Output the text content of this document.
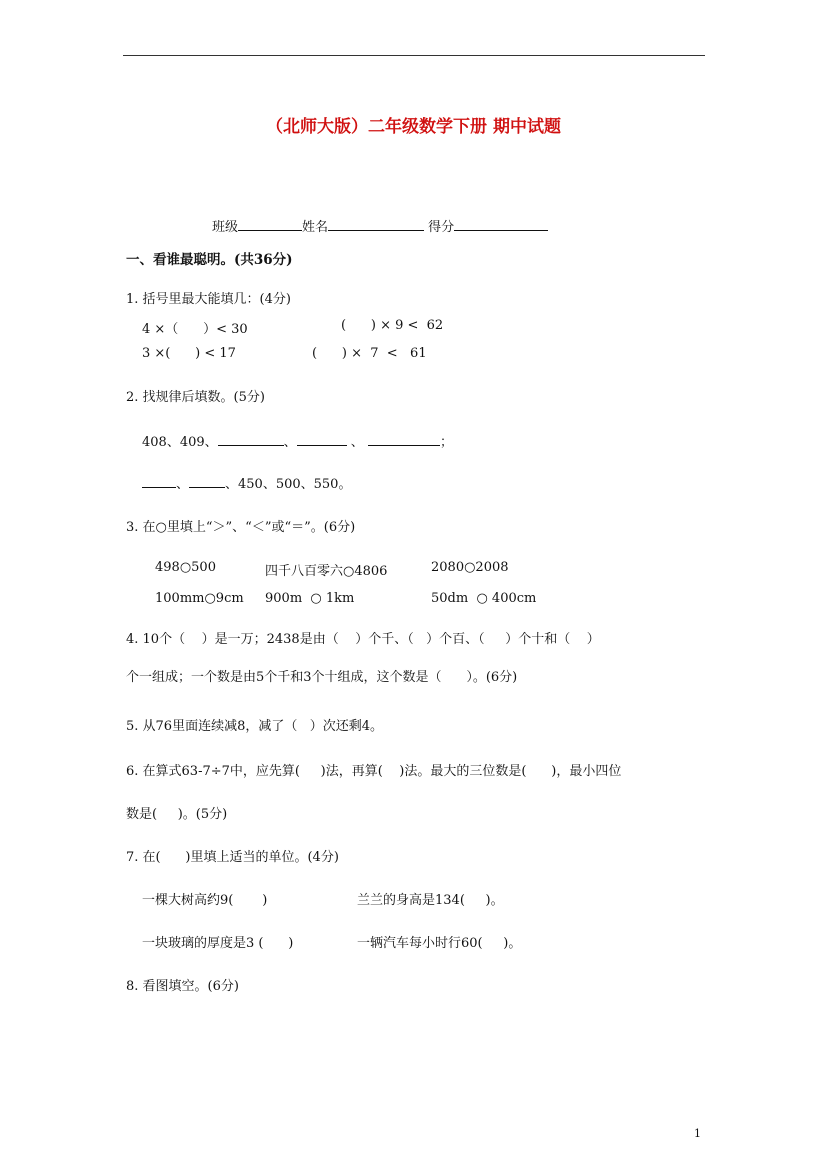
（北师大版）二年级数学下册 期中试题
班级	姓名	得分
一、看谁最聪明。(共36分)
1. 括号里最大能填几：(4分)
4 ×（      ）< 30	(      ) × 9 <  62
3 ×(      ) < 17	(      ) ×  7  <   61
2. 找规律后填数。(5分)
408、409、	、	、	；
、	、450、500、550。
3. 在○里填上“＞”、“＜”或“＝”。(6分)
498○500	四千八百零六○4806	2080○2008
100mm○9cm 900m  ○ 1km	50dm  ○ 400cm
4. 10个（    ）是一万；2438是由（    ）个千、（   ）个百、（     ）个十和（    ）
个一组成；一个数是由5个千和3个十组成，这个数是（      ）。(6分)
5. 从76里面连续减8，减了（   ）次还剩4。
6. 在算式63-7÷7中，应先算(     )法，再算(    )法。最大的三位数是(      )，最小四位
数是(     )。(5分)
7. 在(      )里填上适当的单位。(4分)
一棵大树高约9(       )	兰兰的身高是134(     )。
一块玻璃的厚度是3 (      )	一辆汽车每小时行60(     )。
8. 看图填空。(6分)
1
